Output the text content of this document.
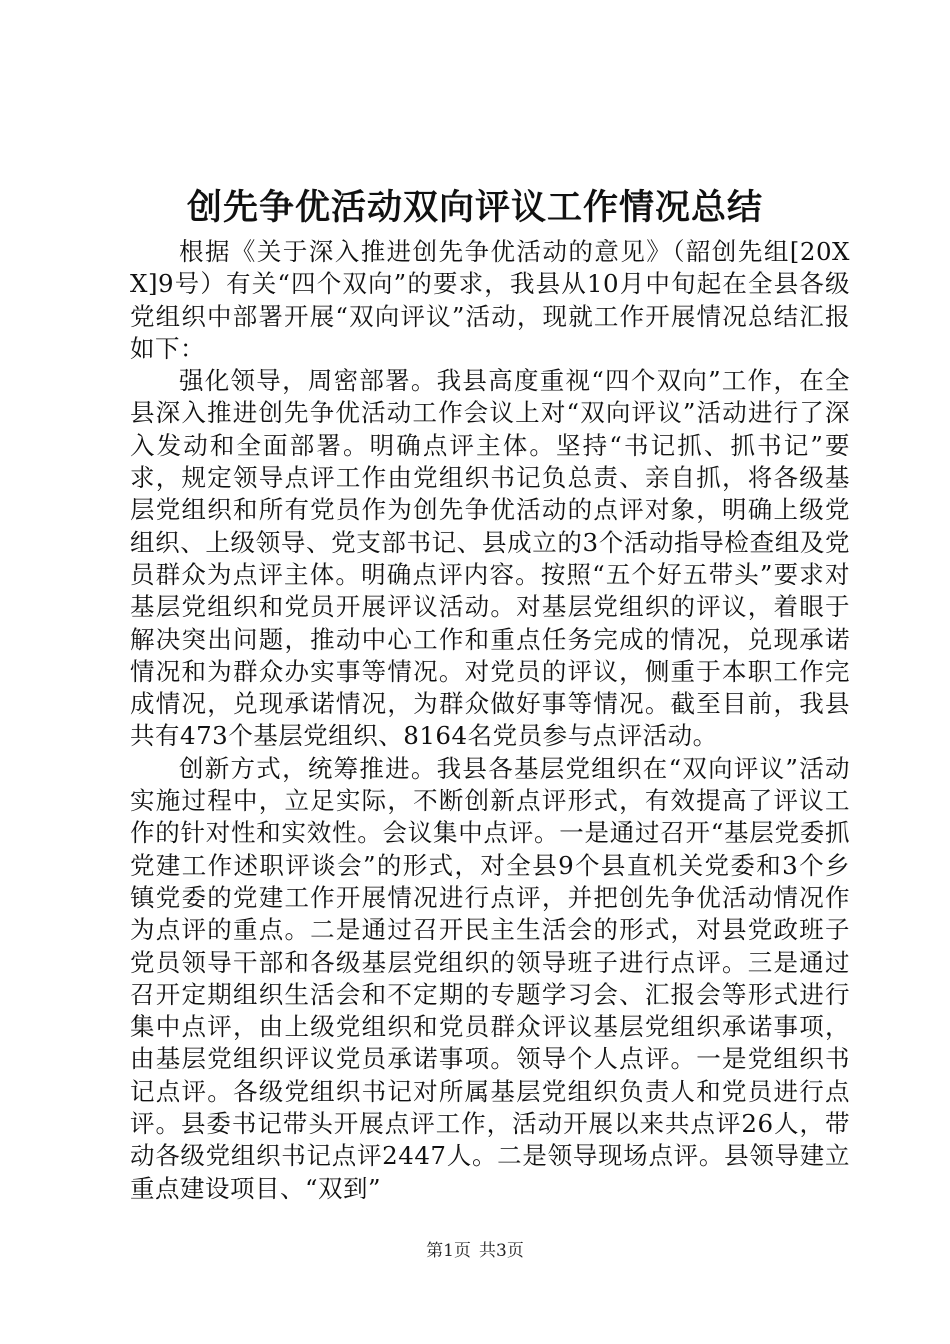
创先争优活动双向评议工作情况总结

根据《关于深入推进创先争优活动的意见》（韶创先组[20XX]9号）有关“四个双向”的要求，我县从10月中旬起在全县各级党组织中部署开展“双向评议”活动，现就工作开展情况总结汇报如下：

强化领导，周密部署。我县高度重视“四个双向”工作，在全县深入推进创先争优活动工作会议上对“双向评议”活动进行了深入发动和全面部署。明确点评主体。坚持“书记抓、抓书记”要求，规定领导点评工作由党组织书记负总责、亲自抓，将各级基层党组织和所有党员作为创先争优活动的点评对象，明确上级党组织、上级领导、党支部书记、县成立的3个活动指导检查组及党员群众为点评主体。明确点评内容。按照“五个好五带头”要求对基层党组织和党员开展评议活动。对基层党组织的评议，着眼于解决突出问题，推动中心工作和重点任务完成的情况，兑现承诺情况和为群众办实事等情况。对党员的评议，侧重于本职工作完成情况，兑现承诺情况，为群众做好事等情况。截至目前，我县共有473个基层党组织、8164名党员参与点评活动。

创新方式，统筹推进。我县各基层党组织在“双向评议”活动实施过程中，立足实际，不断创新点评形式，有效提高了评议工作的针对性和实效性。会议集中点评。一是通过召开“基层党委抓党建工作述职评谈会”的形式，对全县9个县直机关党委和3个乡镇党委的党建工作开展情况进行点评，并把创先争优活动情况作为点评的重点。二是通过召开民主生活会的形式，对县党政班子党员领导干部和各级基层党组织的领导班子进行点评。三是通过召开定期组织生活会和不定期的专题学习会、汇报会等形式进行集中点评，由上级党组织和党员群众评议基层党组织承诺事项，由基层党组织评议党员承诺事项。领导个人点评。一是党组织书记点评。各级党组织书记对所属基层党组织负责人和党员进行点评。县委书记带头开展点评工作，活动开展以来共点评26人，带动各级党组织书记点评2447人。二是领导现场点评。县领导建立重点建设项目、“双到”

第1页 共3页
